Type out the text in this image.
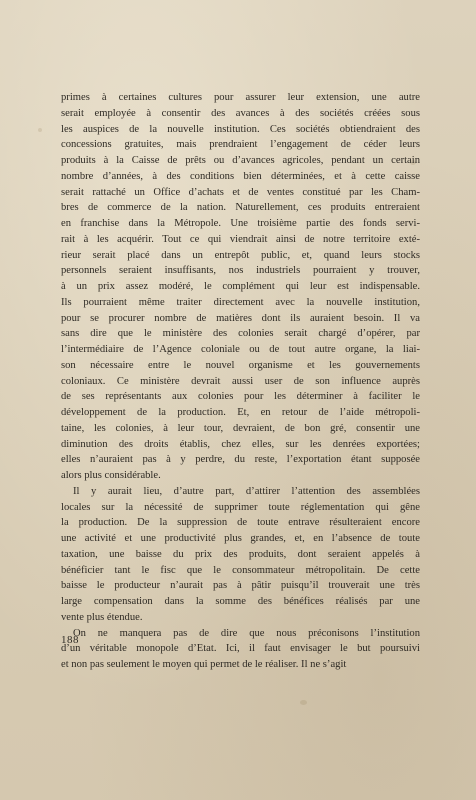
primes à certaines cultures pour assurer leur extension, une autre
serait employée à consentir des avances à des sociétés créées sous
les auspices de la nouvelle institution. Ces sociétés obtiendraient des
concessions gratuites, mais prendraient l’engagement de céder leurs
produits à la Caisse de prêts ou d’avances agricoles, pendant un certain
nombre d’années, à des conditions bien déterminées, et à cette caisse
serait rattaché un Office d’achats et de ventes constitué par les Cham-
bres de commerce de la nation. Naturellement, ces produits entreraient
en franchise dans la Métropole. Une troisième partie des fonds servi-
rait à les acquérir. Tout ce qui viendrait ainsi de notre territoire exté-
rieur serait placé dans un entrepôt public, et, quand leurs stocks
personnels seraient insuffisants, nos industriels pourraient y trouver,
à un prix assez modéré, le complément qui leur est indispensable.
Ils pourraient même traiter directement avec la nouvelle institution,
pour se procurer nombre de matières dont ils auraient besoin. Il va
sans dire que le ministère des colonies serait chargé d’opérer, par
l’intermédiaire de l’Agence coloniale ou de tout autre organe, la liai-
son nécessaire entre le nouvel organisme et les gouvernements
coloniaux. Ce ministère devrait aussi user de son influence auprès
de ses représentants aux colonies pour les déterminer à faciliter le
développement de la production. Et, en retour de l’aide métropoli-
taine, les colonies, à leur tour, devraient, de bon gré, consentir une
diminution des droits établis, chez elles, sur les denrées exportées;
elles n’auraient pas à y perdre, du reste, l’exportation étant supposée
alors plus considérable.
Il y aurait lieu, d’autre part, d’attirer l’attention des assemblées
locales sur la nécessité de supprimer toute réglementation qui gêne
la production. De la suppression de toute entrave résulteraient encore
une activité et une productivité plus grandes, et, en l’absence de toute
taxation, une baisse du prix des produits, dont seraient appelés à
bénéficier tant le fisc que le consommateur métropolitain. De cette
baisse le producteur n’aurait pas à pâtir puisqu’il trouverait une très
large compensation dans la somme des bénéfices réalisés par une
vente plus étendue.
On ne manquera pas de dire que nous préconisons l’institution
d’un véritable monopole d’Etat. Ici, il faut envisager le but poursuivi
et non pas seulement le moyen qui permet de le réaliser. Il ne s’agit
188
